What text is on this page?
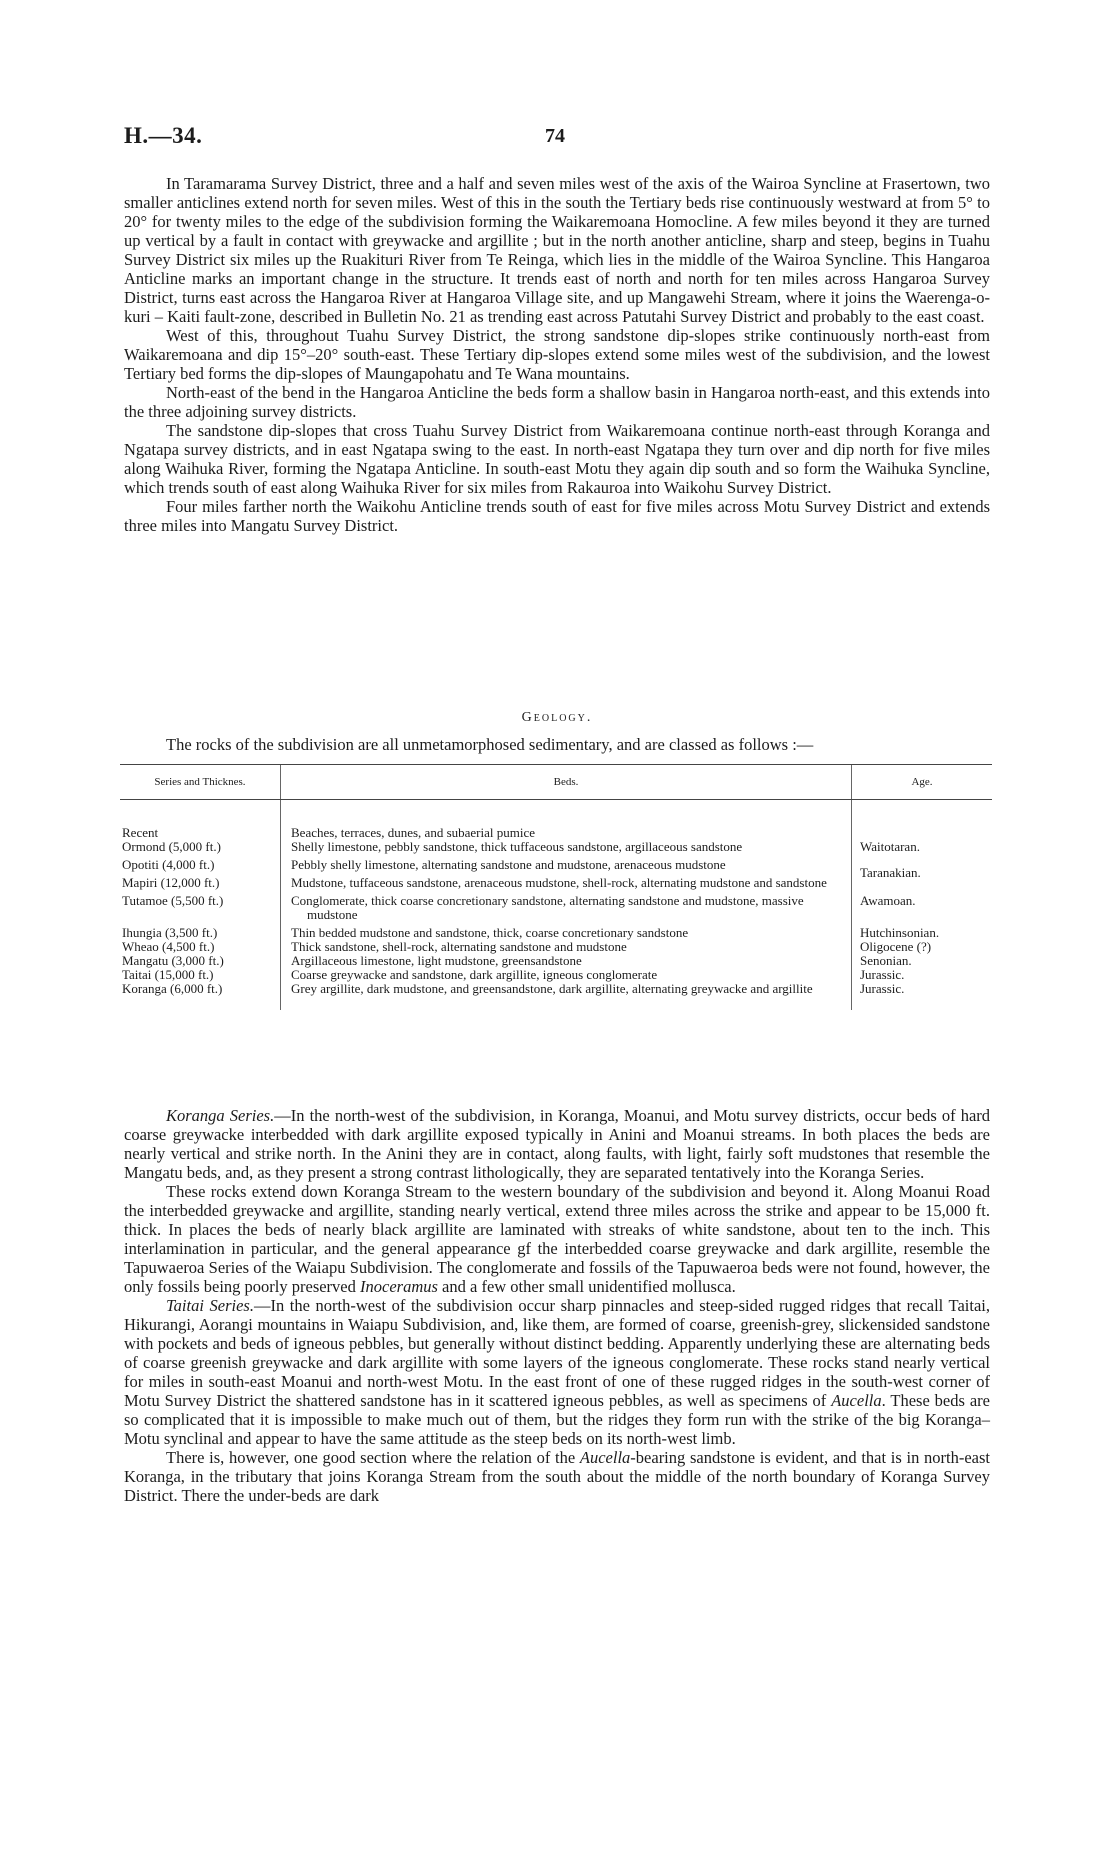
H.—34.	74

In Taramarama Survey District, three and a half and seven miles west of the axis of the Wairoa Syncline at Frasertown, two smaller anticlines extend north for seven miles. West of this in the south the Tertiary beds rise continuously westward at from 5° to 20° for twenty miles to the edge of the subdivision forming the Waikaremoana Homocline. A few miles beyond it they are turned up vertical by a fault in contact with greywacke and argillite ; but in the north another anticline, sharp and steep, begins in Tuahu Survey District six miles up the Ruakituri River from Te Reinga, which lies in the middle of the Wairoa Syncline. This Hangaroa Anticline marks an important change in the structure. It trends east of north and north for ten miles across Hangaroa Survey District, turns east across the Hangaroa River at Hangaroa Village site, and up Mangawehi Stream, where it joins the Waerenga-o-kuri – Kaiti fault-zone, described in Bulletin No. 21 as trending east across Patutahi Survey District and probably to the east coast.

West of this, throughout Tuahu Survey District, the strong sandstone dip-slopes strike continuously north-east from Waikaremoana and dip 15°–20° south-east. These Tertiary dip-slopes extend some miles west of the subdivision, and the lowest Tertiary bed forms the dip-slopes of Maungapohatu and Te Wana mountains.

North-east of the bend in the Hangaroa Anticline the beds form a shallow basin in Hangaroa north-east, and this extends into the three adjoining survey districts.

The sandstone dip-slopes that cross Tuahu Survey District from Waikaremoana continue north-east through Koranga and Ngatapa survey districts, and in east Ngatapa swing to the east. In north-east Ngatapa they turn over and dip north for five miles along Waihuka River, forming the Ngatapa Anticline. In south-east Motu they again dip south and so form the Waihuka Syncline, which trends south of east along Waihuka River for six miles from Rakauroa into Waikohu Survey District.

Four miles farther north the Waikohu Anticline trends south of east for five miles across Motu Survey District and extends three miles into Mangatu Survey District.

Geology.
The rocks of the subdivision are all unmetamorphosed sedimentary, and are classed as follows :—
Series and Thicknes.	Beds.	Age.

Recent	Beaches, terraces, dunes, and subaerial pumice	

Ormond (5,000 ft.)	Shelly limestone, pebbly sandstone, thick tuffaceous sandstone, argillaceous sandstone	Waitotaran.
Opotiti (4,000 ft.)	Pebbly shelly limestone, alternating sandstone and mudstone, arenaceous mudstone	

Mapiri (12,000 ft.)	Mudstone, tuffaceous sandstone, arenaceous mudstone, shell-rock, alternating mudstone and sandstone	Taranakian.
Tutamoe (5,500 ft.)	Conglomerate, thick coarse concretionary sandstone, alternating sandstone and mudstone, massive mudstone	Awamoan.
Ihungia (3,500 ft.)	Thin bedded mudstone and sandstone, thick, coarse concretionary sandstone	Hutchinsonian.
Wheao (4,500 ft.)	Thick sandstone, shell-rock, alternating sandstone and mudstone	Oligocene (?)
Mangatu (3,000 ft.)	Argillaceous limestone, light mudstone, greensandstone	Senonian.
Taitai (15,000 ft.)	Coarse greywacke and sandstone, dark argillite, igneous conglomerate	Jurassic.
Koranga (6,000 ft.)	Grey argillite, dark mudstone, and greensandstone, dark argillite, alternating greywacke and argillite	Jurassic.

Koranga Series.—In the north-west of the subdivision, in Koranga, Moanui, and Motu survey districts, occur beds of hard coarse greywacke interbedded with dark argillite exposed typically in Anini and Moanui streams. In both places the beds are nearly vertical and strike north. In the Anini they are in contact, along faults, with light, fairly soft mudstones that resemble the Mangatu beds, and, as they present a strong contrast lithologically, they are separated tentatively into the Koranga Series.

These rocks extend down Koranga Stream to the western boundary of the subdivision and beyond it. Along Moanui Road the interbedded greywacke and argillite, standing nearly vertical, extend three miles across the strike and appear to be 15,000 ft. thick. In places the beds of nearly black argillite are laminated with streaks of white sandstone, about ten to the inch. This interlamination in particular, and the general appearance gf the interbedded coarse greywacke and dark argillite, resemble the Tapuwaeroa Series of the Waiapu Subdivision. The conglomerate and fossils of the Tapuwaeroa beds were not found, however, the only fossils being poorly preserved Inoceramus and a few other small unidentified mollusca.

Taitai Series.—In the north-west of the subdivision occur sharp pinnacles and steep-sided rugged ridges that recall Taitai, Hikurangi, Aorangi mountains in Waiapu Subdivision, and, like them, are formed of coarse, greenish-grey, slickensided sandstone with pockets and beds of igneous pebbles, but generally without distinct bedding. Apparently underlying these are alternating beds of coarse greenish greywacke and dark argillite with some layers of the igneous conglomerate. These rocks stand nearly vertical for miles in south-east Moanui and north-west Motu. In the east front of one of these rugged ridges in the south-west corner of Motu Survey District the shattered sandstone has in it scattered igneous pebbles, as well as specimens of Aucella. These beds are so complicated that it is impossible to make much out of them, but the ridges they form run with the strike of the big Koranga–Motu synclinal and appear to have the same attitude as the steep beds on its north-west limb.

There is, however, one good section where the relation of the Aucella-bearing sandstone is evident, and that is in north-east Koranga, in the tributary that joins Koranga Stream from the south about the middle of the north boundary of Koranga Survey District. There the under-beds are dark
